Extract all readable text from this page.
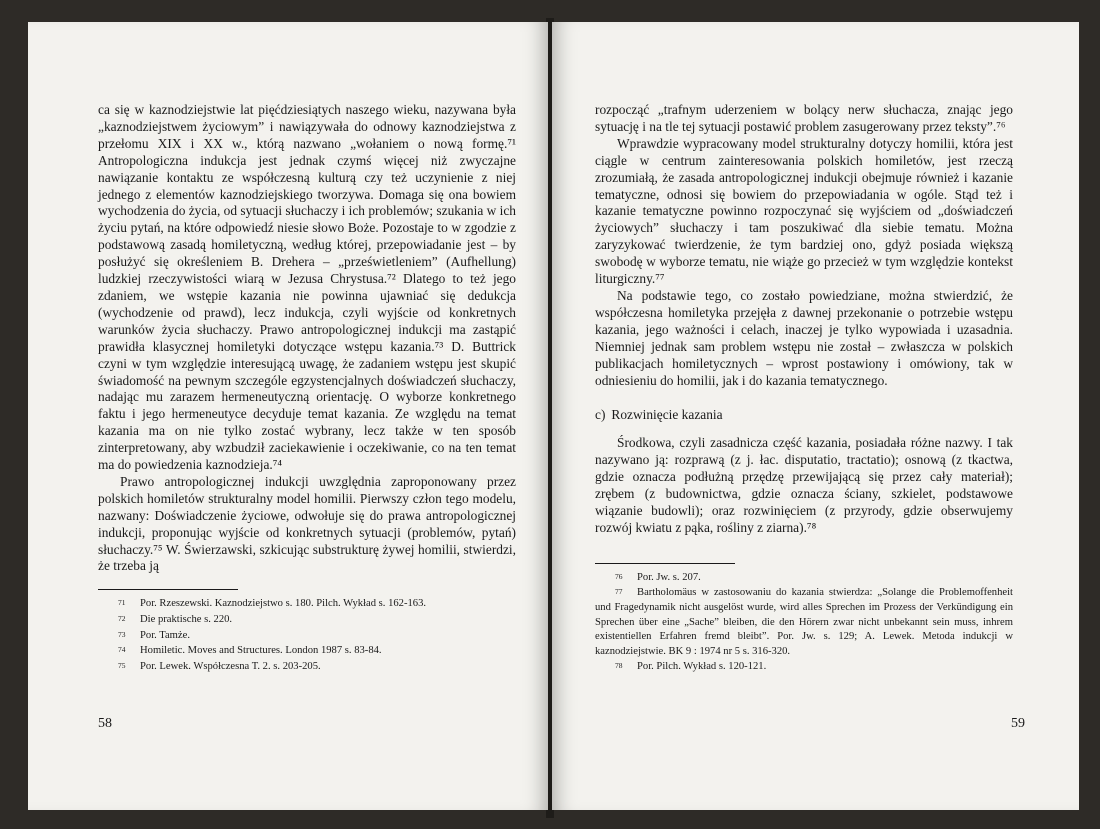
ca się w kaznodziejstwie lat pięćdziesiątych naszego wieku, nazywana była „kaznodziejstwem życiowym” i nawiązywała do odnowy kaznodziejstwa z przełomu XIX i XX w., którą nazwano „wołaniem o nową formę.⁷¹ Antropologiczna indukcja jest jednak czymś więcej niż zwyczajne nawiązanie kontaktu ze współczesną kulturą czy też uczynienie z niej jednego z elementów kaznodziejskiego tworzywa. Domaga się ona bowiem wychodzenia do życia, od sytuacji słuchaczy i ich problemów; szukania w ich życiu pytań, na które odpowiedź niesie słowo Boże. Pozostaje to w zgodzie z podstawową zasadą homiletyczną, według której, przepowiadanie jest – by posłużyć się określeniem B. Drehera – „prześwietleniem” (Aufhellung) ludzkiej rzeczywistości wiarą w Jezusa Chrystusa.⁷² Dlatego to też jego zdaniem, we wstępie kazania nie powinna ujawniać się dedukcja (wychodzenie od prawd), lecz indukcja, czyli wyjście od konkretnych warunków życia słuchaczy. Prawo antropologicznej indukcji ma zastąpić prawidła klasycznej homiletyki dotyczące wstępu kazania.⁷³ D. Buttrick czyni w tym względzie interesującą uwagę, że zadaniem wstępu jest skupić świadomość na pewnym szczególe egzystencjalnych doświadczeń słuchaczy, nadając mu zarazem hermeneutyczną orientację. O wyborze konkretnego faktu i jego hermeneutyce decyduje temat kazania. Ze względu na temat kazania ma on nie tylko zostać wybrany, lecz także w ten sposób zinterpretowany, aby wzbudził zaciekawienie i oczekiwanie, co na ten temat ma do powiedzenia kaznodzieja.⁷⁴

Prawo antropologicznej indukcji uwzględnia zaproponowany przez polskich homiletów strukturalny model homilii. Pierwszy człon tego modelu, nazwany: Doświadczenie życiowe, odwołuje się do prawa antropologicznej indukcji, proponując wyjście od konkretnych sytuacji (problemów, pytań) słuchaczy.⁷⁵ W. Świerzawski, szkicując substrukturę żywej homilii, stwierdzi, że trzeba ją

71 Por. Rzeszewski. Kaznodziejstwo s. 180. Pilch. Wykład s. 162-163.
72 Die praktische s. 220.
73 Por. Tamże.
74 Homiletic. Moves and Structures. London 1987 s. 83-84.
75 Por. Lewek. Współczesna T. 2. s. 203-205.
58

rozpocząć „trafnym uderzeniem w bolący nerw słuchacza, znając jego sytuację i na tle tej sytuacji postawić problem zasugerowany przez teksty”.⁷⁶

Wprawdzie wypracowany model strukturalny dotyczy homilii, która jest ciągle w centrum zainteresowania polskich homiletów, jest rzeczą zrozumiałą, że zasada antropologicznej indukcji obejmuje również i kazanie tematyczne, odnosi się bowiem do przepowiadania w ogóle. Stąd też i kazanie tematyczne powinno rozpoczynać się wyjściem od „doświadczeń życiowych” słuchaczy i tam poszukiwać dla siebie tematu. Można zaryzykować twierdzenie, że tym bardziej ono, gdyż posiada większą swobodę w wyborze tematu, nie wiąże go przecież w tym względzie kontekst liturgiczny.⁷⁷

Na podstawie tego, co zostało powiedziane, można stwierdzić, że współczesna homiletyka przejęła z dawnej przekonanie o potrzebie wstępu kazania, jego ważności i celach, inaczej je tylko wypowiada i uzasadnia. Niemniej jednak sam problem wstępu nie został – zwłaszcza w polskich publikacjach homiletycznych – wprost postawiony i omówiony, tak w odniesieniu do homilii, jak i do kazania tematycznego.

c) Rozwinięcie kazania

Środkowa, czyli zasadnicza część kazania, posiadała różne nazwy. I tak nazywano ją: rozprawą (z j. łac. disputatio, tractatio); osnową (z tkactwa, gdzie oznacza podłużną przędzę przewijającą się przez cały materiał); zrębem (z budownictwa, gdzie oznacza ściany, szkielet, podstawowe wiązanie budowli); oraz rozwinięciem (z przyrody, gdzie obserwujemy rozwój kwiatu z pąka, rośliny z ziarna).⁷⁸

76 Por. Jw. s. 207.
77 Bartholomäus w zastosowaniu do kazania stwierdza: „Solange die Problemoffenheit und Fragedynamik nicht ausgelöst wurde, wird alles Sprechen im Prozess der Verkündigung ein Sprechen über eine „Sache” bleiben, die den Hörern zwar nicht unbekannt sein muss, inhrem existentiellen Erfahren fremd bleibt”. Por. Jw. s. 129; A. Lewek. Metoda indukcji w kaznodziejstwie. BK 9 : 1974 nr 5 s. 316-320.
78 Por. Pilch. Wykład s. 120-121.
59
